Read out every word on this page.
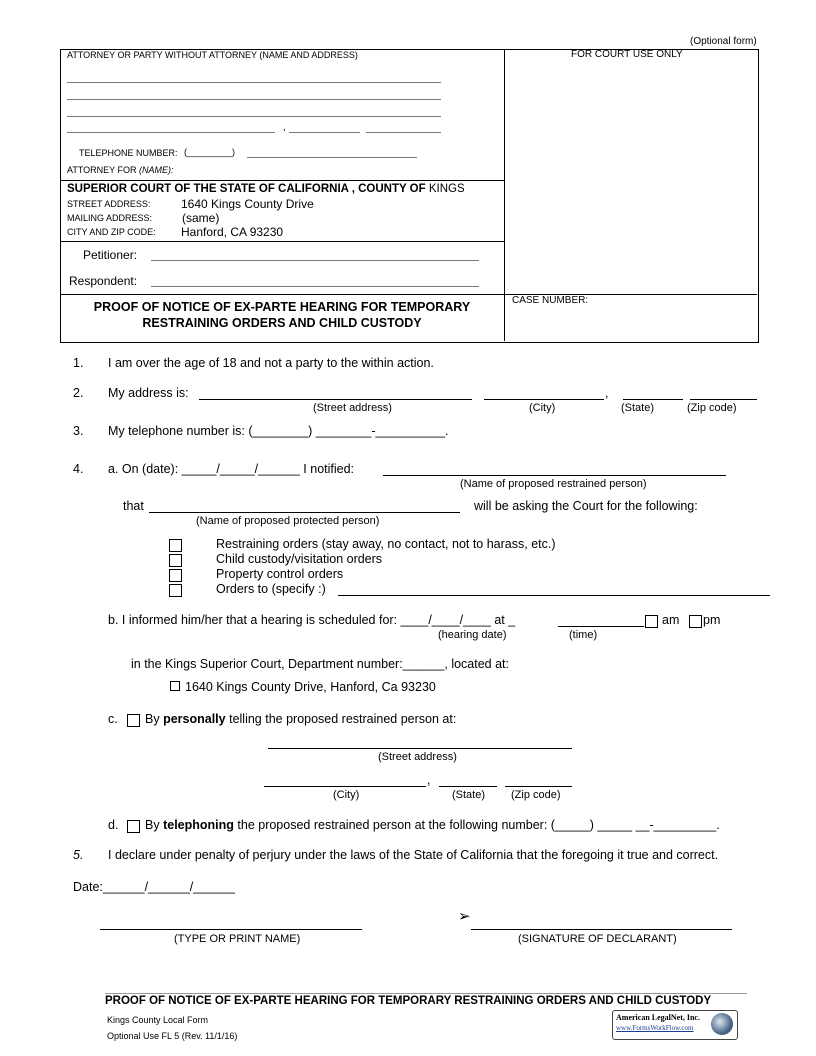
(Optional form)
ATTORNEY OR PARTY WITHOUT ATTORNEY (NAME AND ADDRESS)	FOR COURT USE ONLY
,
TELEPHONE NUMBER: (_________)
ATTORNEY FOR (NAME):
SUPERIOR COURT OF THE STATE OF CALIFORNIA , COUNTY OF KINGS
STREET ADDRESS:	1640 Kings County Drive
MAILING ADDRESS: (same)
CITY AND ZIP CODE: Hanford, CA 93230
Petitioner:
Respondent:
PROOF OF NOTICE OF EX-PARTE HEARING FOR TEMPORARY
RESTRAINING ORDERS AND CHILD CUSTODY
CASE NUMBER:
1. I am over the age of 18 and not a party to the within action.
2. My address is:	,
(Street address)	(City)	(State)	(Zip code)
3. My telephone number is: (________) ________-__________.
4. a. On (date): _____/_____/______ I notified:
(Name of proposed restrained person)
that	will be asking the Court for the following:
(Name of proposed protected person)
Restraining orders (stay away, no contact, not to harass, etc.)
Child custody/visitation orders
Property control orders
Orders to (specify :)
b. I informed him/her that a hearing is scheduled for: ____/____/____ at _	am pm
(hearing date)	(time)
in the Kings Superior Court, Department number:______, located at:
1640 Kings County Drive, Hanford, Ca 93230
c. By personally telling the proposed restrained person at:
(Street address)
,
(City)	(State) (Zip code)
d. By telephoning the proposed restrained person at the following number: (_____) _____ __-_________.
5. I declare under penalty of perjury under the laws of the State of California that the foregoing it true and correct.
Date:______/______/______
(TYPE OR PRINT NAME)
➢
(SIGNATURE OF DECLARANT)
PROOF OF NOTICE OF EX-PARTE HEARING FOR TEMPORARY RESTRAINING ORDERS AND CHILD CUSTODY
Kings County Local Form
Optional Use FL 5 (Rev. 11/1/16)
American LegalNet, Inc.
www.FormsWorkFlow.com
